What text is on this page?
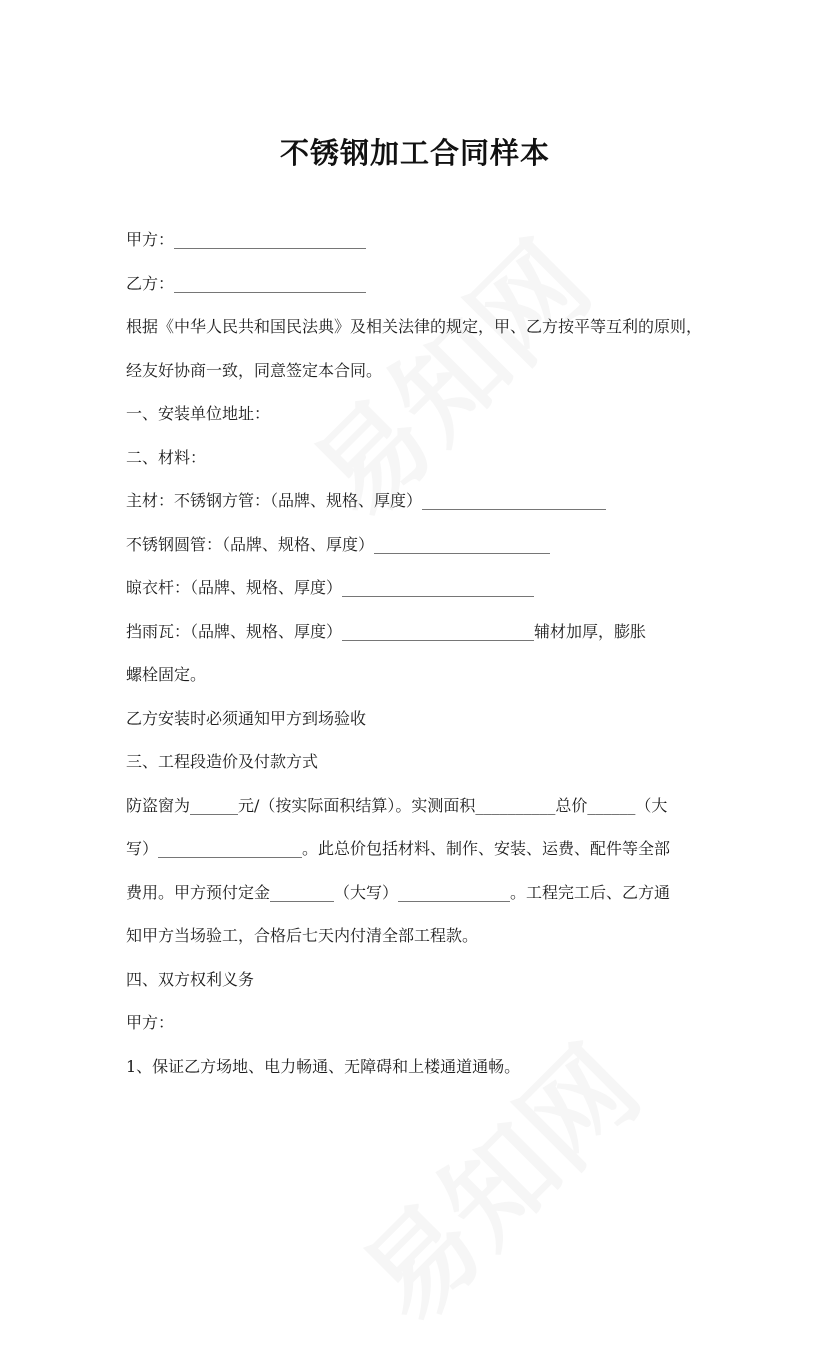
不锈钢加工合同样本

甲方：________________________

乙方：________________________

根据《中华人民共和国民法典》及相关法律的规定，甲、乙方按平等互利的原则，

经友好协商一致，同意签定本合同。

一、安装单位地址：

二、材料：

主材：不锈钢方管：（品牌、规格、厚度）_______________________

不锈钢圆管：（品牌、规格、厚度）______________________

晾衣杆：（品牌、规格、厚度）________________________

挡雨瓦：（品牌、规格、厚度）________________________辅材加厚，膨胀

螺栓固定。

乙方安装时必须通知甲方到场验收

三、工程段造价及付款方式

防盗窗为______元/（按实际面积结算）。实测面积__________总价______（大

写）__________________。此总价包括材料、制作、安装、运费、配件等全部

费用。甲方预付定金________（大写）______________。工程完工后、乙方通

知甲方当场验工，合格后七天内付清全部工程款。

四、双方权利义务

甲方：

1、保证乙方场地、电力畅通、无障碍和上楼通道通畅。
